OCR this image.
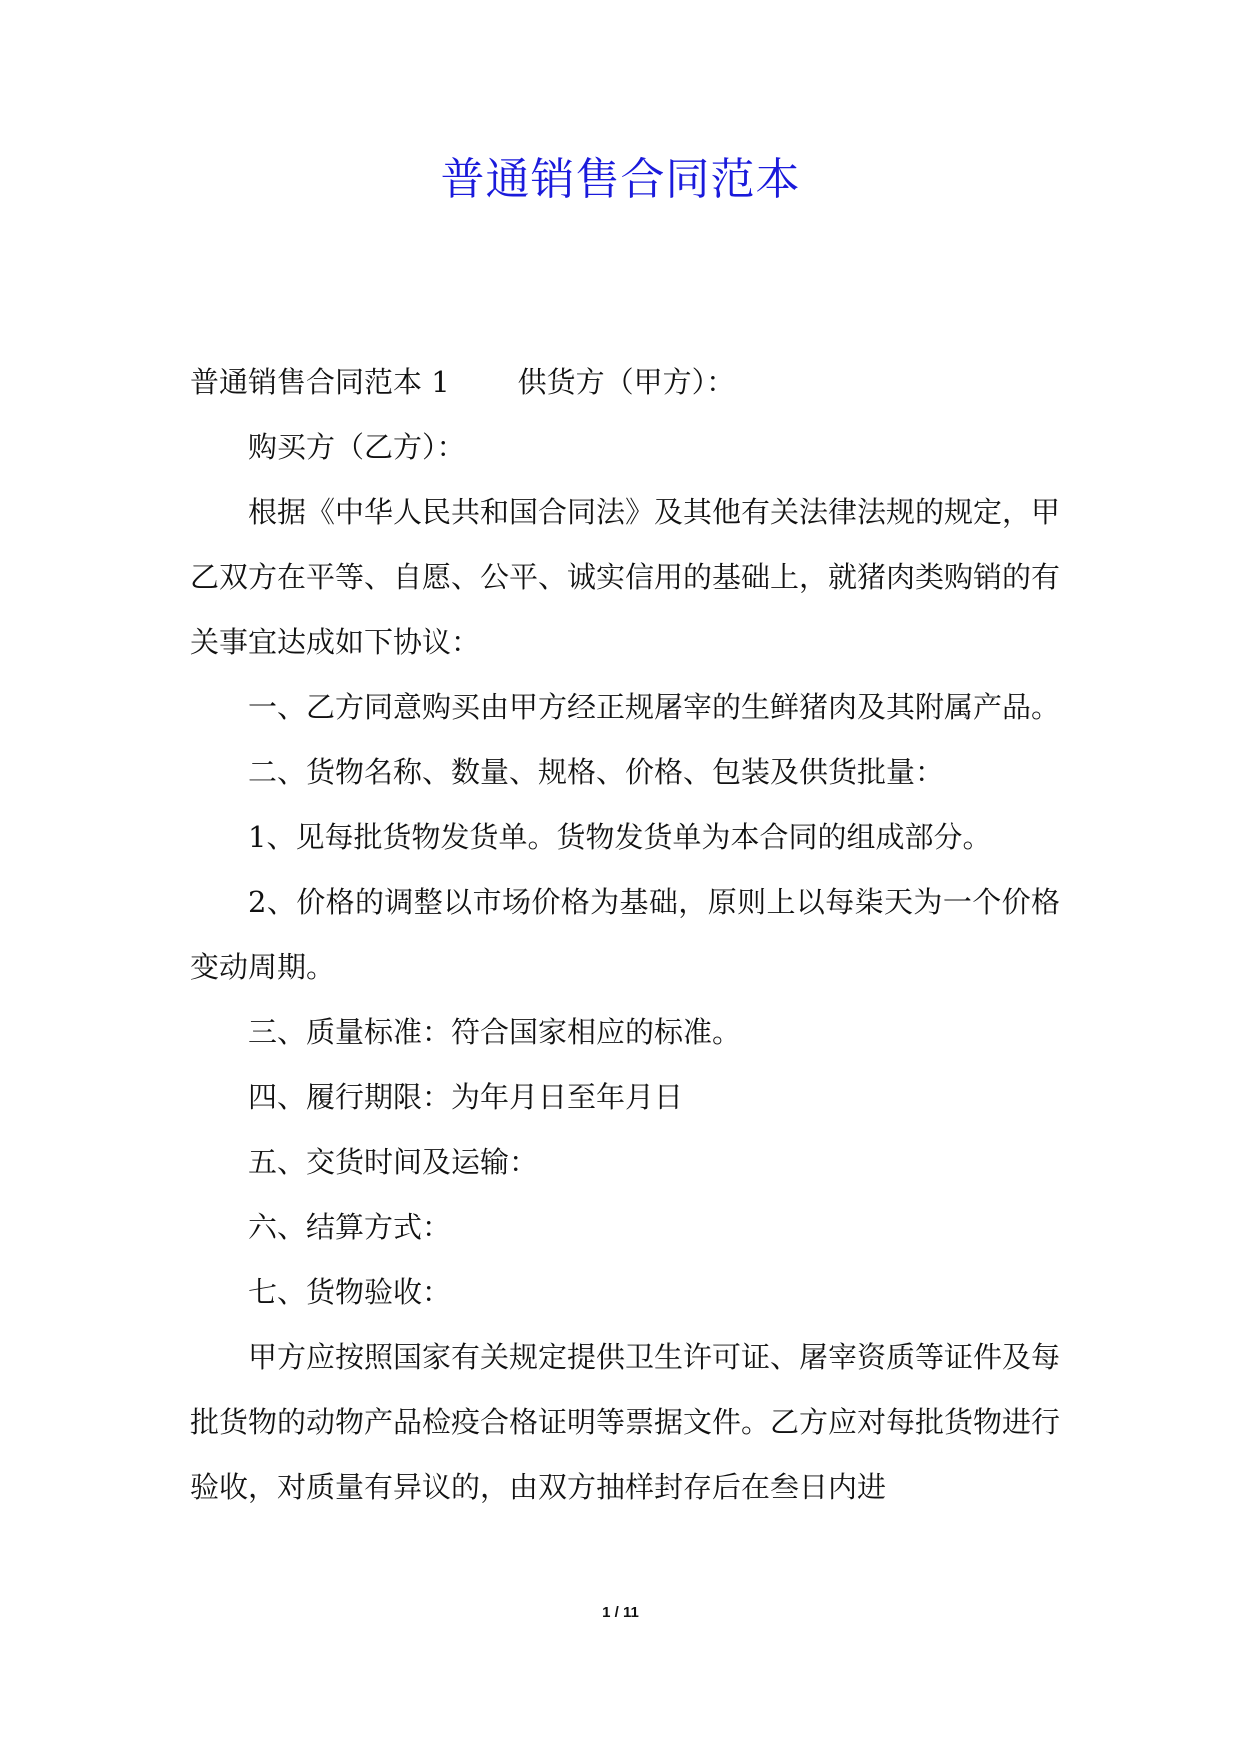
普通销售合同范本

普通销售合同范本 1 供货方（甲方）：

购买方（乙方）：

根据《中华人民共和国合同法》及其他有关法律法规的规定，甲乙双方在平等、自愿、公平、诚实信用的基础上，就猪肉类购销的有关事宜达成如下协议：

一、乙方同意购买由甲方经正规屠宰的生鲜猪肉及其附属产品。

二、货物名称、数量、规格、价格、包装及供货批量：

1、见每批货物发货单。货物发货单为本合同的组成部分。

2、价格的调整以市场价格为基础，原则上以每柒天为一个价格变动周期。

三、质量标准：符合国家相应的标准。

四、履行期限：为年月日至年月日

五、交货时间及运输：

六、结算方式：

七、货物验收：

甲方应按照国家有关规定提供卫生许可证、屠宰资质等证件及每批货物的动物产品检疫合格证明等票据文件。乙方应对每批货物进行验收，对质量有异议的，由双方抽样封存后在叁日内进

1 / 11
